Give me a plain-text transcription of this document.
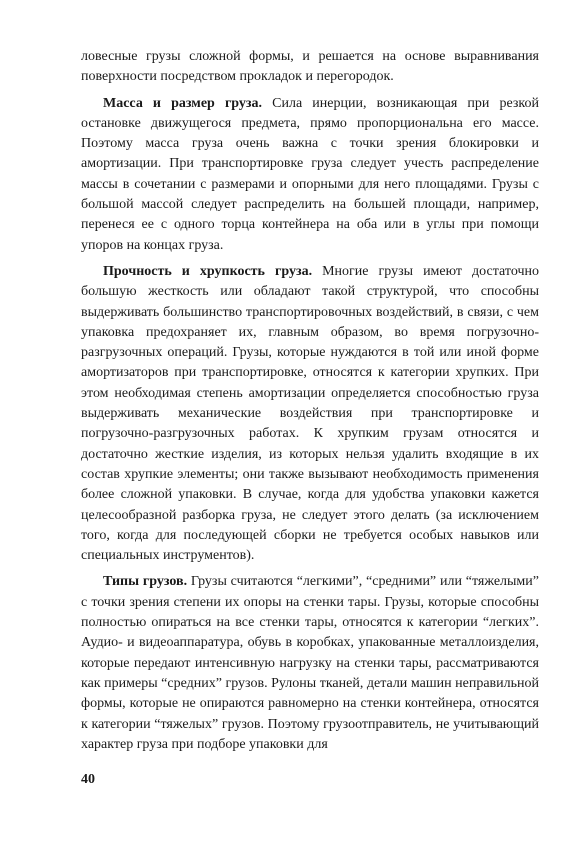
ловесные грузы сложной формы, и решается на основе выравнивания поверхности посредством прокладок и перегородок.

Масса и размер груза. Сила инерции, возникающая при резкой остановке движущегося предмета, прямо пропорциональна его массе. Поэтому масса груза очень важна с точки зрения блокировки и амортизации. При транспортировке груза следует учесть распределение массы в сочетании с размерами и опорными для него площадями. Грузы с большой массой следует распределить на большей площади, например, перенеся ее с одного торца контейнера на оба или в углы при помощи упоров на концах груза.

Прочность и хрупкость груза. Многие грузы имеют достаточно большую жесткость или обладают такой структурой, что способны выдерживать большинство транспортировочных воздействий, в связи, с чем упаковка предохраняет их, главным образом, во время погрузочно-разгрузочных операций. Грузы, которые нуждаются в той или иной форме амортизаторов при транспортировке, относятся к категории хрупких. При этом необходимая степень амортизации определяется способностью груза выдерживать механические воздействия при транспортировке и погрузочно-разгрузочных работах. К хрупким грузам относятся и достаточно жесткие изделия, из которых нельзя удалить входящие в их состав хрупкие элементы; они также вызывают необходимость применения более сложной упаковки. В случае, когда для удобства упаковки кажется целесообразной разборка груза, не следует этого делать (за исключением того, когда для последующей сборки не требуется особых навыков или специальных инструментов).

Типы грузов. Грузы считаются “легкими”, “средними” или “тяжелыми” с точки зрения степени их опоры на стенки тары. Грузы, которые способны полностью опираться на все стенки тары, относятся к категории “легких”. Аудио- и видеоаппаратура, обувь в коробках, упакованные металлоизделия, которые передают интенсивную нагрузку на стенки тары, рассматриваются как примеры “средних” грузов. Рулоны тканей, детали машин неправильной формы, которые не опираются равномерно на стенки контейнера, относятся к категории “тяжелых” грузов. Поэтому грузоотправитель, не учитывающий характер груза при подборе упаковки для

40
